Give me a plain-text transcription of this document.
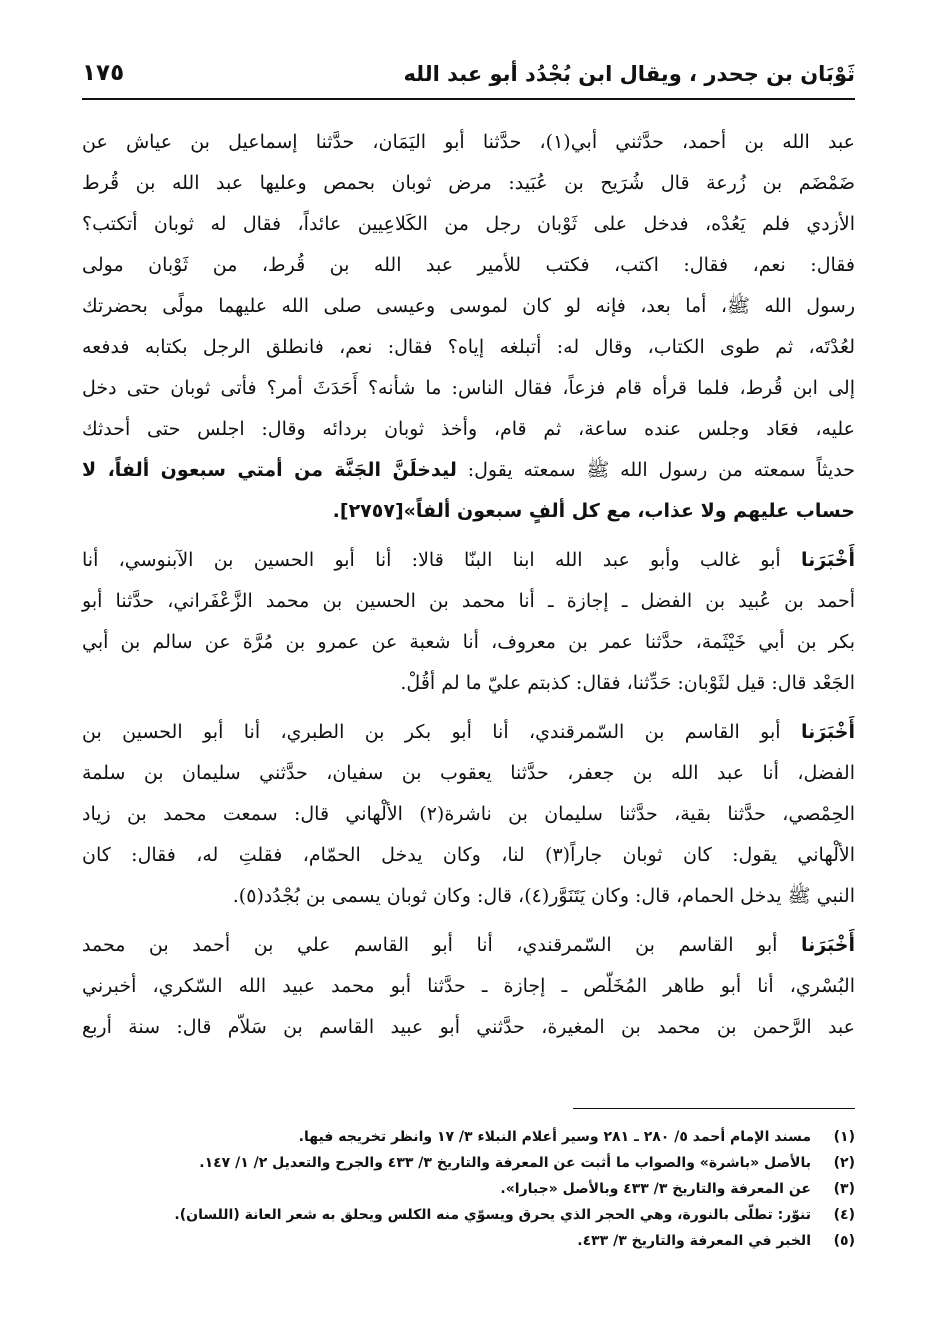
ثَوْبَان بن جحدر ، ويقال ابن بُجْدُد أبو عبد الله
١٧٥
عبد الله بن أحمد، حدَّثني أبي(١)، حدَّثنا أبو اليَمَان، حدَّثنا إسماعيل بن عياش عن
ضَمْضَم بن زُرعة قال شُرَيح بن عُبَيد: مرض ثوبان بحمص وعليها عبد الله بن قُرط
الأزدي فلم يَعُدْه، فدخل على ثَوْبان رجل من الكَلاعِيين عائداً، فقال له ثوبان أتكتب؟
فقال: نعم، فقال: اكتب، فكتب للأمير عبد الله بن قُرط، من ثَوْبان مولى
رسول الله ﷺ، أما بعد، فإنه لو كان لموسى وعيسى صلى الله عليهما مولًى بحضرتك
لعُدْتَه، ثم طوى الكتاب، وقال له: أتبلغه إياه؟ فقال: نعم، فانطلق الرجل بكتابه فدفعه
إلى ابن قُرط، فلما قرأه قام فزعاً، فقال الناس: ما شأنه؟ أَحَدَثَ أمر؟ فأتى ثوبان حتى دخل
عليه، فعَاد وجلس عنده ساعة، ثم قام، وأخذ ثوبان بردائه وقال: اجلس حتى أحدثك
حديثاً سمعته من رسول الله ﷺ سمعته يقول: ليدخلَنَّ الجَنَّة من أمتي سبعون ألفاً، لا
حساب عليهم ولا عذاب، مع كل ألفٍ سبعون ألفاً»[٢٧٥٧].
أَخْبَرَنا أبو غالب وأبو عبد الله ابنا البنّا قالا: أنا أبو الحسين بن الآبنوسي، أنا
أحمد بن عُبيد بن الفضل ـ إجازة ـ أنا محمد بن الحسين بن محمد الزَّعْفَراني، حدَّثنا أبو
بكر بن أبي خَيْثَمة، حدَّثنا عمر بن معروف، أنا شعبة عن عمرو بن مُرَّة عن سالم بن أبي
الجَعْد قال: قيل لثَوْبان: حَدِّثنا، فقال: كذبتم عليّ ما لم أقُلْ.
أَخْبَرَنا أبو القاسم بن السّمرقندي، أنا أبو بكر بن الطبري، أنا أبو الحسين بن
الفضل، أنا عبد الله بن جعفر، حدَّثنا يعقوب بن سفيان، حدَّثني سليمان بن سلمة
الحِمْصي، حدَّثنا بقية، حدَّثنا سليمان بن ناشرة(٢) الألْهاني قال: سمعت محمد بن زياد
الألْهاني يقول: كان ثوبان جاراً(٣) لنا، وكان يدخل الحمّام، فقلتِ له، فقال: كان
النبي ﷺ يدخل الحمام، قال: وكان يَتَنَوَّر(٤)، قال: وكان ثوبان يسمى بن بُجْدُد(٥).
أَخْبَرَنا أبو القاسم بن السّمرقندي، أنا أبو القاسم علي بن أحمد بن محمد
البُسْري، أنا أبو طاهر المُخَلّص ـ إجازة ـ حدَّثنا أبو محمد عبيد الله السّكري، أخبرني
عبد الرَّحمن بن محمد بن المغيرة، حدَّثني أبو عبيد القاسم بن سَلاّم قال: سنة أربع
(١)مسند الإمام أحمد ٥/ ٢٨٠ ـ ٢٨١ وسير أعلام النبلاء ٣/ ١٧ وانظر تخريجه فيها.
(٢)بالأصل «باشرة» والصواب ما أثبت عن المعرفة والتاريخ ٣/ ٤٣٣ والجرح والتعديل ٢/ ١/ ١٤٧.
(٣)عن المعرفة والتاريخ ٣/ ٤٣٣ وبالأصل «جبارا».
(٤)تنوّر: تطلّى بالنورة، وهي الحجر الذي يحرق ويسوّي منه الكلس ويحلق به شعر العانة (اللسان).
(٥)الخبر في المعرفة والتاريخ ٣/ ٤٣٣.
